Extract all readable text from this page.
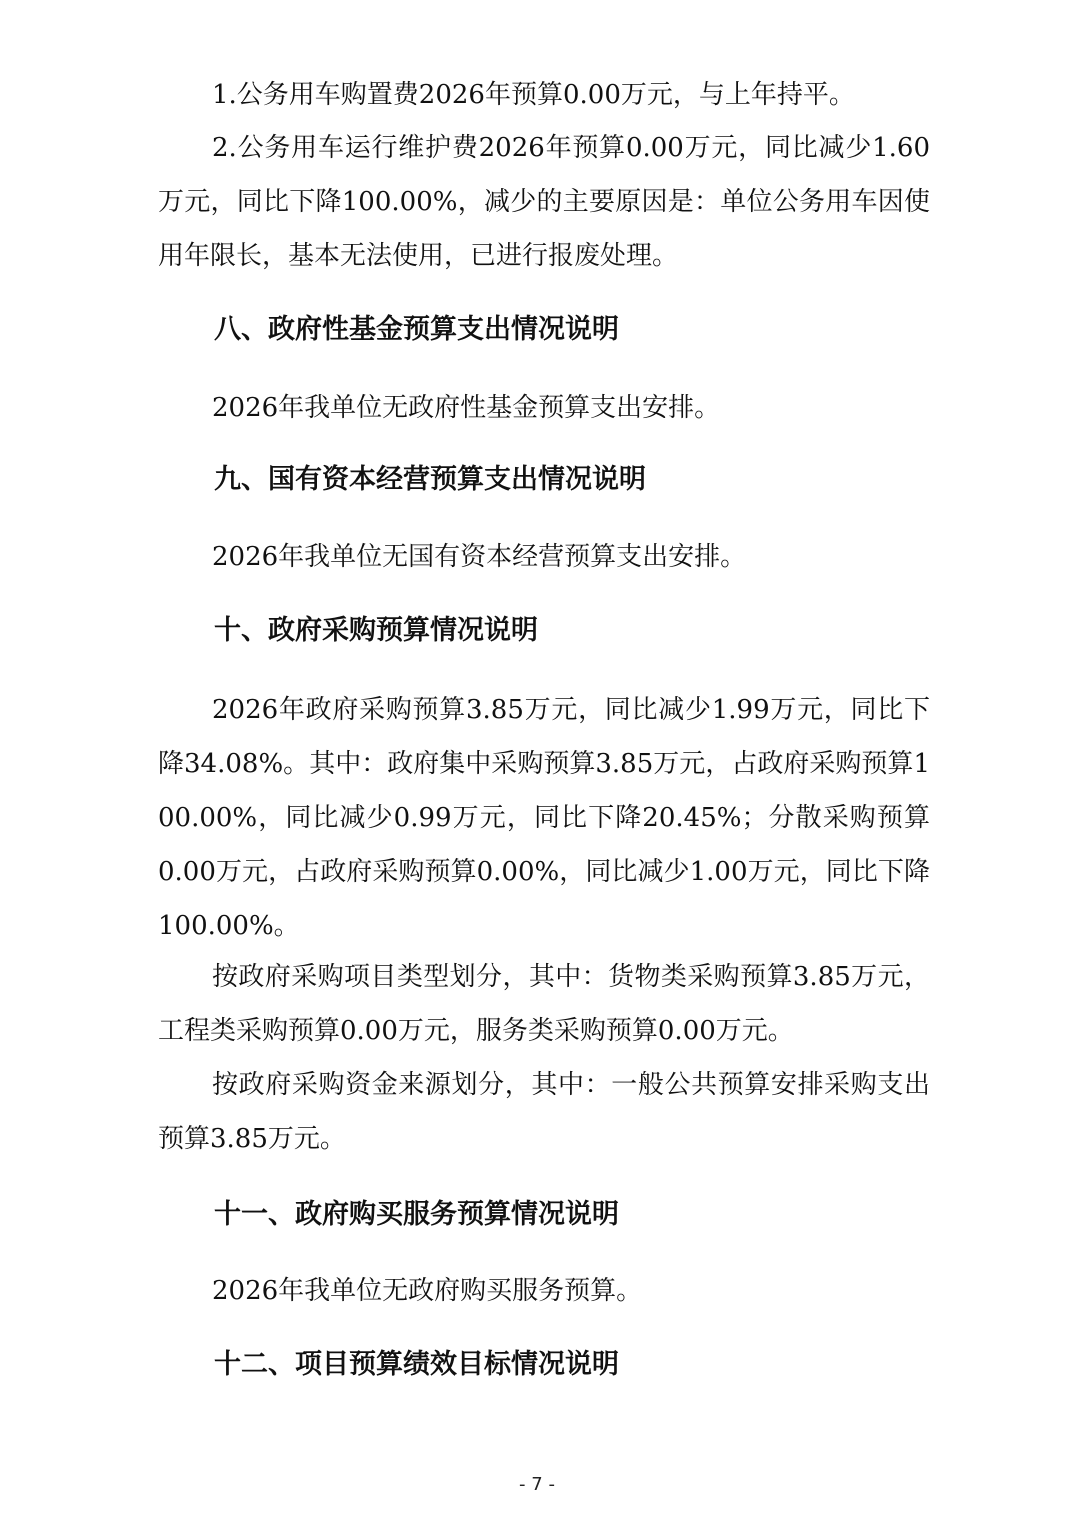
1.公务用车购置费2026年预算0.00万元，与上年持平。

2.公务用车运行维护费2026年预算0.00万元，同比减少1.60万元，同比下降100.00%，减少的主要原因是：单位公务用车因使用年限长，基本无法使用，已进行报废处理。

八、政府性基金预算支出情况说明

2026年我单位无政府性基金预算支出安排。

九、国有资本经营预算支出情况说明

2026年我单位无国有资本经营预算支出安排。

十、政府采购预算情况说明

2026年政府采购预算3.85万元，同比减少1.99万元，同比下降34.08%。其中：政府集中采购预算3.85万元，占政府采购预算100.00%，同比减少0.99万元，同比下降20.45%；分散采购预算0.00万元，占政府采购预算0.00%，同比减少1.00万元，同比下降100.00%。

按政府采购项目类型划分，其中：货物类采购预算3.85万元，工程类采购预算0.00万元，服务类采购预算0.00万元。

按政府采购资金来源划分，其中：一般公共预算安排采购支出预算3.85万元。

十一、政府购买服务预算情况说明

2026年我单位无政府购买服务预算。

十二、项目预算绩效目标情况说明
- 7 -
